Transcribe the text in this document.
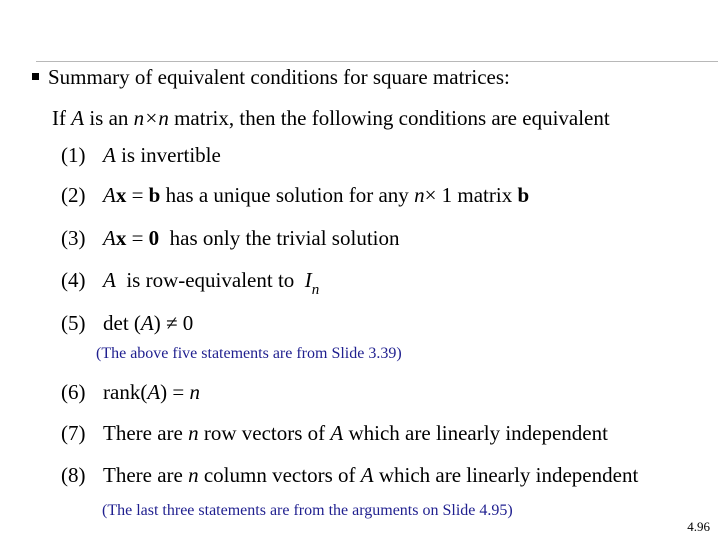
Summary of equivalent conditions for square matrices:
If A is an n×n matrix, then the following conditions are equivalent
(1) A is invertible
(2) Ax = b has a unique solution for any n× 1 matrix b
(3) Ax = 0  has only the trivial solution
(4) A  is row-equivalent to  $I_n$
(5) det (A) ≠ 0
(The above five statements are from Slide 3.39)
(6) rank(A) = n
(7) There are n row vectors of A which are linearly independent
(8) There are n column vectors of A which are linearly independent
(The last three statements are from the arguments on Slide 4.95)
4.96
